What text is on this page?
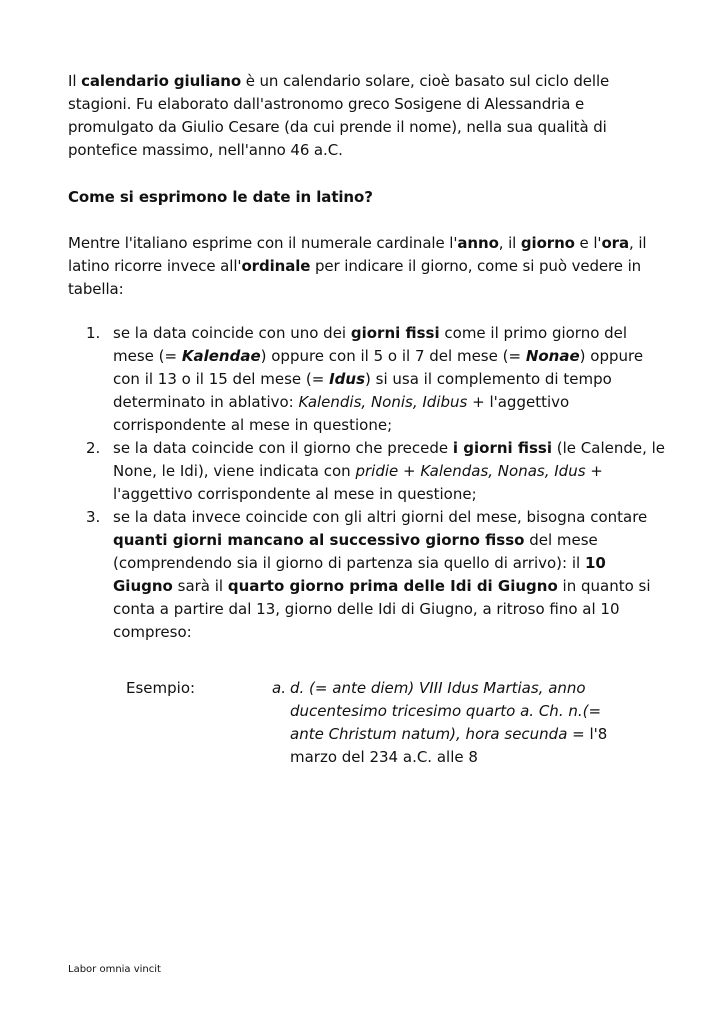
Il calendario giuliano è un calendario solare, cioè basato sul ciclo delle stagioni. Fu elaborato dall'astronomo greco Sosigene di Alessandria e promulgato da Giulio Cesare (da cui prende il nome), nella sua qualità di pontefice massimo, nell'anno 46 a.C.

Come si esprimono le date in latino?

Mentre l'italiano esprime con il numerale cardinale l'anno, il giorno e l'ora, il latino ricorre invece all'ordinale per indicare il giorno, come si può vedere in tabella:

1. se la data coincide con uno dei giorni fissi come il primo giorno del mese (= Kalendae) oppure con il 5 o il 7 del mese (= Nonae) oppure con il 13 o il 15 del mese (= Idus) si usa il complemento di tempo determinato in ablativo: Kalendis, Nonis, Idibus + l'aggettivo corrispondente al mese in questione;
2. se la data coincide con il giorno che precede i giorni fissi (le Calende, le None, le Idi), viene indicata con pridie + Kalendas, Nonas, Idus + l'aggettivo corrispondente al mese in questione;
3. se la data invece coincide con gli altri giorni del mese, bisogna contare quanti giorni mancano al successivo giorno fisso del mese (comprendendo sia il giorno di partenza sia quello di arrivo): il 10 Giugno sarà il quarto giorno prima delle Idi di Giugno in quanto si conta a partire dal 13, giorno delle Idi di Giugno, a ritroso fino al 10 compreso:
Esempio:	a. d. (= ante diem) VIII Idus Martias, anno ducentesimo tricesimo quarto a. Ch. n.(= ante Christum natum), hora secunda = l'8 marzo del 234 a.C. alle 8
Labor omnia vincit
